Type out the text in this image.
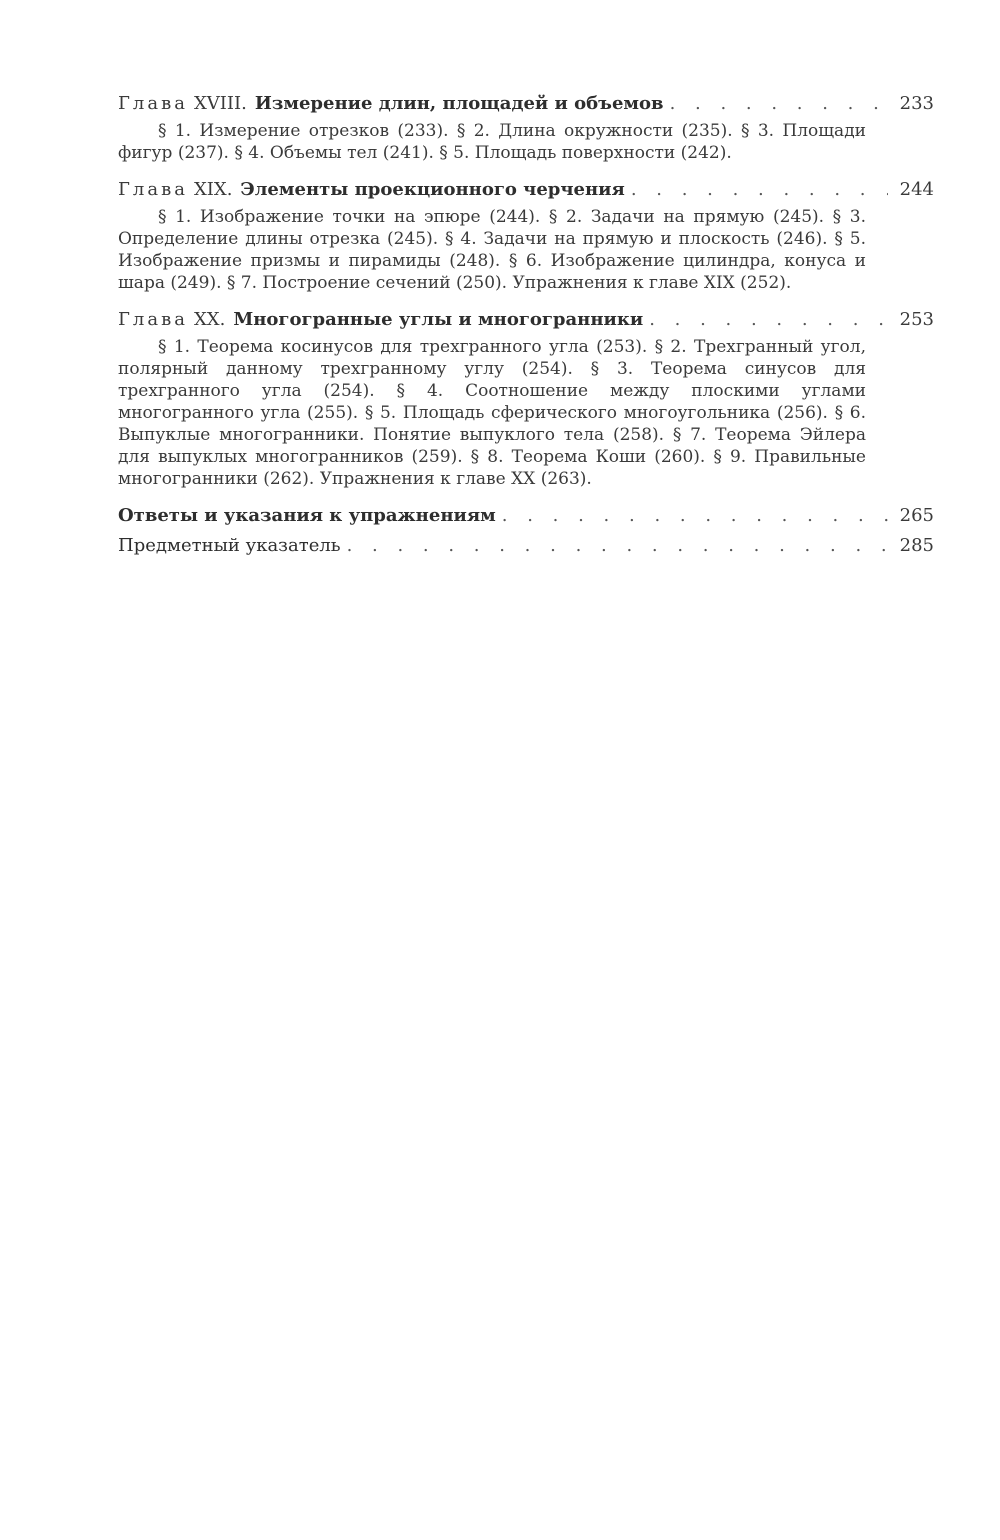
Глава XVIII. Измерение длин, площадей и объемов . . .	233
§ 1. Измерение отрезков (233). § 2. Длина окружности (235). § 3. Площади фигур (237). § 4. Объемы тел (241). § 5. Площадь поверхности (242).
Глава XIX. Элементы проекционного черчения . . .	244
§ 1. Изображение точки на эпюре (244). § 2. Задачи на прямую (245). § 3. Определение длины отрезка (245). § 4. Задачи на прямую и плоскость (246). § 5. Изображение призмы и пирамиды (248). § 6. Изображение цилиндра, конуса и шара (249). § 7. Построение сечений (250). Упражнения к главе XIX (252).
Глава XX. Многогранные углы и многогранники . . .	253
§ 1. Теорема косинусов для трехгранного угла (253). § 2. Трехгранный угол, полярный данному трехгранному углу (254). § 3. Теорема синусов для трехгранного угла (254). § 4. Соотношение между плоскими углами многогранного угла (255). § 5. Площадь сферического многоугольника (256). § 6. Выпуклые многогранники. Понятие выпуклого тела (258). § 7. Теорема Эйлера для выпуклых многогранников (259). § 8. Теорема Коши (260). § 9. Правильные многогранники (262). Упражнения к главе XX (263).
Ответы и указания к упражнениям . . .	265
Предметный указатель . . .	285
